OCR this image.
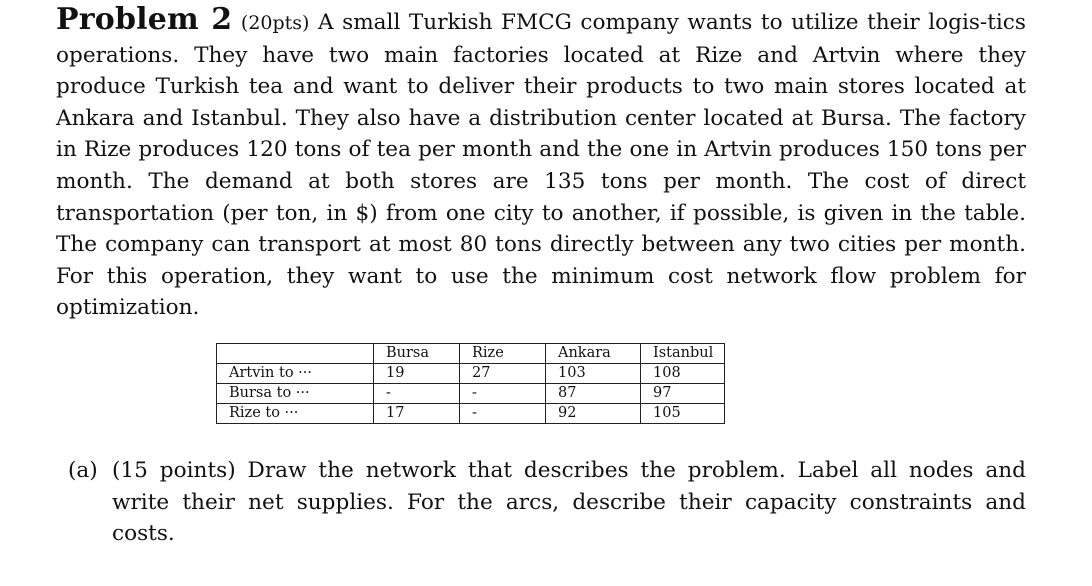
Problem 2 (20pts) A small Turkish FMCG company wants to utilize their logis-tics operations. They have two main factories located at Rize and Artvin where they produce Turkish tea and want to deliver their products to two main stores located at Ankara and Istanbul. They also have a distribution center located at Bursa. The factory in Rize produces 120 tons of tea per month and the one in Artvin produces 150 tons per month. The demand at both stores are 135 tons per month. The cost of direct transportation (per ton, in $) from one city to another, if possible, is given in the table. The company can transport at most 80 tons directly between any two cities per month. For this operation, they want to use the minimum cost network flow problem for optimization.

	Bursa	Rize	Ankara	Istanbul
Artvin to ···	19	27	103	108
Bursa to ···	-	-	87	97
Rize to ···	17	-	92	105
(a) (15 points) Draw the network that describes the problem. Label all nodes and write their net supplies. For the arcs, describe their capacity constraints and costs.
